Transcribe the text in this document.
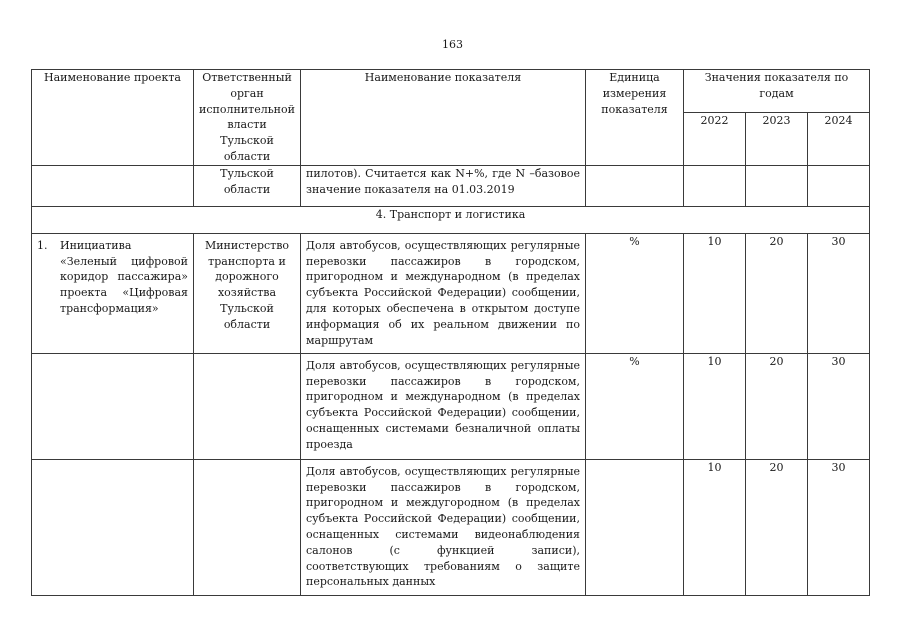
163
Наименование проекта	Ответственный орган исполнительной власти Тульской области	Наименование показателя	Единица измерения показателя	Значения показателя по годам		
				2022	2023	2024
	Тульской области	пилотов). Считается как N+%, где N –базовое значение показателя на 01.03.2019				
4. Транспорт и логистика						

1. Инициатива «Зеленый цифровой коридор пассажира» проекта «Цифровая трансформация»	Министерство транспорта и дорожного хозяйства Тульской области	Доля автобусов, осуществляющих регулярные перевозки пассажиров в городском, пригородном и международном (в пределах субъекта Российской Федерации) сообщении, для которых обеспечена в открытом доступе информация об их реальном движении по маршрутам	%	10	20	30
		Доля автобусов, осуществляющих регулярные перевозки пассажиров в городском, пригородном и международном (в пределах субъекта Российской Федерации) сообщении, оснащенных системами безналичной оплаты проезда	%	10	20	30
		Доля автобусов, осуществляющих регулярные перевозки пассажиров в городском, пригородном и междугородном (в пределах субъекта Российской Федерации) сообщении, оснащенных системами видеонаблюдения салонов (с функцией записи), соответствующих требованиям о защите персональных данных		10	20	30
